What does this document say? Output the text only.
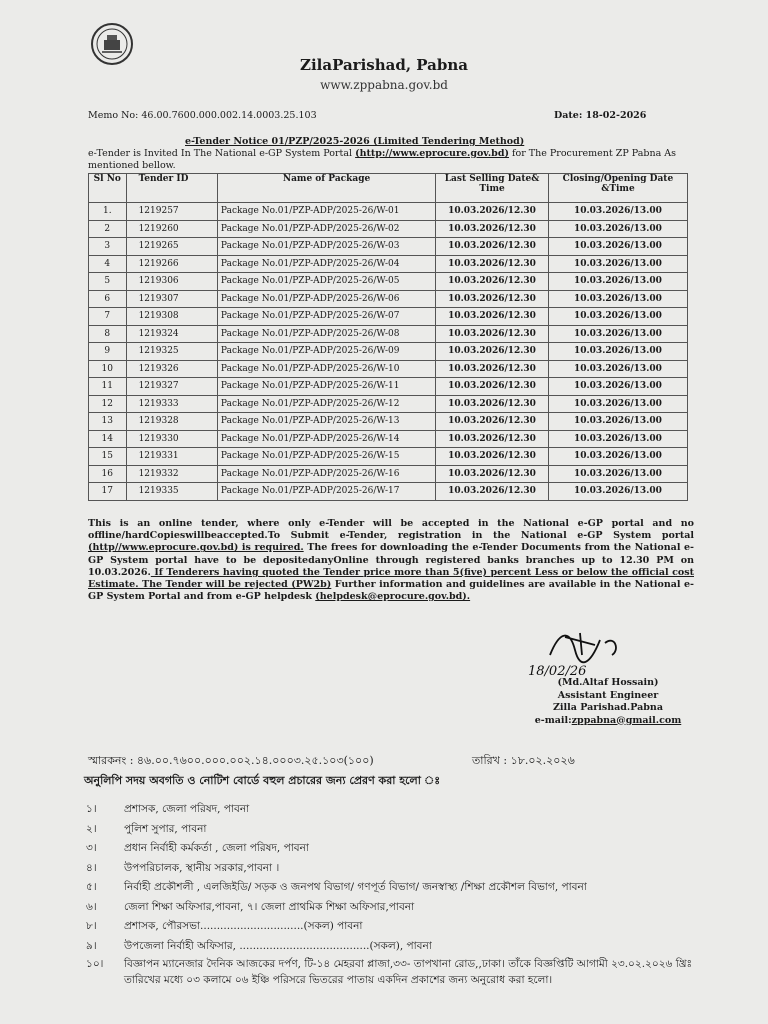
ZilaParishad, Pabna
www.zppabna.gov.bd
Memo No: 46.00.7600.000.002.14.0003.25.103	Date: 18-02-2026
e-Tender Notice 01/PZP/2025-2026 (Limited Tendering Method)
e-Tender is Invited In The National e-GP System Portal (http://www.eprocure.gov.bd) for The Procurement ZP Pabna As mentioned bellow.
Sl No	Tender ID	Name of Package	Last Selling Date& Time	Closing/Opening Date &Time
1.	1219257	Package No.01/PZP-ADP/2025-26/W-01	10.03.2026/12.30	10.03.2026/13.00
2	1219260	Package No.01/PZP-ADP/2025-26/W-02	10.03.2026/12.30	10.03.2026/13.00
3	1219265	Package No.01/PZP-ADP/2025-26/W-03	10.03.2026/12.30	10.03.2026/13.00
4	1219266	Package No.01/PZP-ADP/2025-26/W-04	10.03.2026/12.30	10.03.2026/13.00
5	1219306	Package No.01/PZP-ADP/2025-26/W-05	10.03.2026/12.30	10.03.2026/13.00
6	1219307	Package No.01/PZP-ADP/2025-26/W-06	10.03.2026/12.30	10.03.2026/13.00
7	1219308	Package No.01/PZP-ADP/2025-26/W-07	10.03.2026/12.30	10.03.2026/13.00
8	1219324	Package No.01/PZP-ADP/2025-26/W-08	10.03.2026/12.30	10.03.2026/13.00
9	1219325	Package No.01/PZP-ADP/2025-26/W-09	10.03.2026/12.30	10.03.2026/13.00
10	1219326	Package No.01/PZP-ADP/2025-26/W-10	10.03.2026/12.30	10.03.2026/13.00
11	1219327	Package No.01/PZP-ADP/2025-26/W-11	10.03.2026/12.30	10.03.2026/13.00
12	1219333	Package No.01/PZP-ADP/2025-26/W-12	10.03.2026/12.30	10.03.2026/13.00
13	1219328	Package No.01/PZP-ADP/2025-26/W-13	10.03.2026/12.30	10.03.2026/13.00
14	1219330	Package No.01/PZP-ADP/2025-26/W-14	10.03.2026/12.30	10.03.2026/13.00
15	1219331	Package No.01/PZP-ADP/2025-26/W-15	10.03.2026/12.30	10.03.2026/13.00
16	1219332	Package No.01/PZP-ADP/2025-26/W-16	10.03.2026/12.30	10.03.2026/13.00
17	1219335	Package No.01/PZP-ADP/2025-26/W-17	10.03.2026/12.30	10.03.2026/13.00
This is an online tender, where only e-Tender will be accepted in the National e-GP portal and no offline/hardCopieswillbeaccepted.To Submit e-Tender, registration in the National e-GP System portal (http//www.eprocure.gov.bd) is required. The frees for downloading the e-Tender Documents from the National e-GP System portal have to be depositedanyOnline through registered banks branches up to 12.30 PM on 10.03.2026. If Tenderers having quoted the Tender price more than 5(five) percent Less or below the official cost Estimate. The Tender will be rejected (PW2b) Further information and guidelines are available in the National e-GP System Portal and from e-GP helpdesk (helpdesk@eprocure.gov.bd).
18/02/26
(Md.Altaf Hossain)
Assistant Engineer
Zilla Parishad.Pabna
e-mail:zppabna@gmail.com
স্মারকনং : ৪৬.০০.৭৬০০.০০০.০০২.১৪.০০০৩.২৫.১০৩(১০০)	তারিখ : ১৮.০২.২০২৬
অনুলিপি সদয় অবগতি ও নোটিশ বোর্ডে বহুল প্রচারের জন্য প্রেরণ করা হলো ঃ
১।	প্রশাসক, জেলা পরিষদ, পাবনা
২।	পুলিশ সুপার, পাবনা
৩।	প্রধান নির্বাহী কর্মকর্তা , জেলা পরিষদ, পাবনা
৪।	উপপরিচালক, স্থানীয় সরকার,পাবনা ।
৫।	নির্বাহী প্রকৌশলী , এলজিইডি/ সড়ক ও জনপথ বিভাগ/ গণপূর্ত বিভাগ/ জনস্বাস্থ্য /শিক্ষা প্রকৌশল বিভাগ, পাবনা
৬।	জেলা শিক্ষা অফিসার,পাবনা, ৭। জেলা প্রাথমিক শিক্ষা অফিসার,পাবনা
৮।	প্রশাসক, পৌরসভা...............................(সকল) পাবনা
৯।	উপজেলা নির্বাহী অফিসার, .......................................(সকল), পাবনা
১০।	বিজ্ঞাপন ম্যানেজার দৈনিক আজকের দর্পণ, টি-১৪ মেহরবা প্লাজা,৩৩- তাপখানা রোড,,ঢাকা। তাঁকে বিজ্ঞপ্তিটি আগামী ২৩.০২.২০২৬ খ্রিঃ তারিখের মধ্যে ০৩ কলামে ০৬ ইঞ্চি পরিসরে ভিতরের পাতায় একদিন প্রকাশের জন্য অনুরোধ করা হলো।
